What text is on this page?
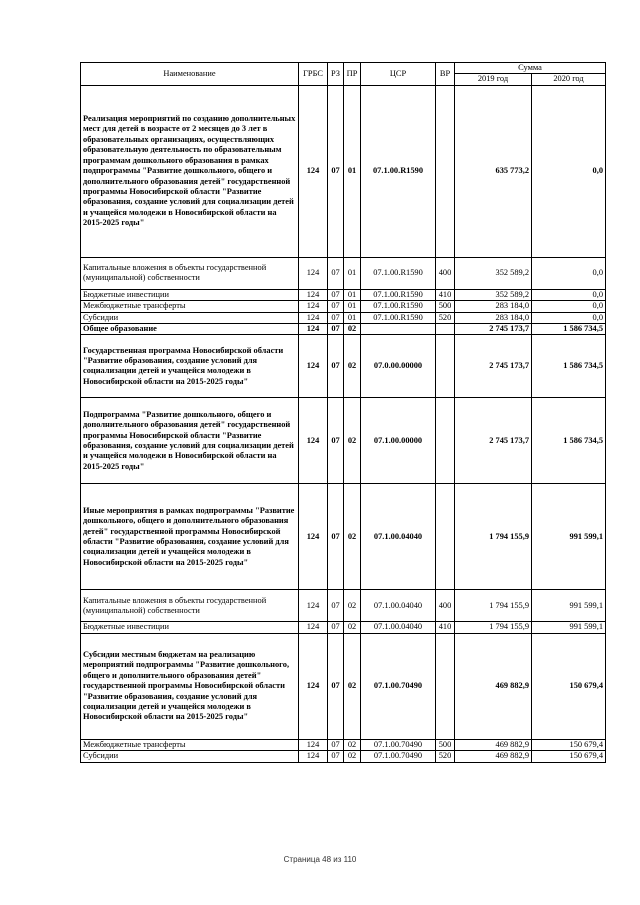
Наименование	ГРБС	РЗ	ПР	ЦСР	ВР	Сумма	
						2019 год	2020 год
Реализация мероприятий по созданию дополнительных мест для детей в возрасте от 2 месяцев до 3 лет в образовательных организациях, осуществляющих образовательную деятельность по образовательным программам дошкольного образования в рамках подпрограммы "Развитие дошкольного, общего и дополнительного образования детей" государственной программы Новосибирской области "Развитие образования, создание условий для социализации детей и учащейся молодежи в Новосибирской области на 2015-2025 годы"	124	07	01	07.1.00.R1590		635 773,2	0,0
Капитальные вложения в объекты государственной (муниципальной) собственности	124	07	01	07.1.00.R1590	400	352 589,2	0,0
Бюджетные инвестиции	124	07	01	07.1.00.R1590	410	352 589,2	0,0
Межбюджетные трансферты	124	07	01	07.1.00.R1590	500	283 184,0	0,0
Субсидии	124	07	01	07.1.00.R1590	520	283 184,0	0,0
Общее образование	124	07	02			2 745 173,7	1 586 734,5
Государственная программа Новосибирской области "Развитие образования, создание условий для социализации детей и учащейся молодежи в Новосибирской области на 2015-2025 годы"	124	07	02	07.0.00.00000		2 745 173,7	1 586 734,5
Подпрограмма "Развитие дошкольного, общего и дополнительного образования детей" государственной программы Новосибирской области "Развитие образования, создание условий для социализации детей и учащейся молодежи в Новосибирской области на 2015-2025 годы"	124	07	02	07.1.00.00000		2 745 173,7	1 586 734,5
Иные мероприятия в рамках подпрограммы "Развитие дошкольного, общего и дополнительного образования детей" государственной программы Новосибирской области "Развитие образования, создание условий для социализации детей и учащейся молодежи в Новосибирской области на 2015-2025 годы"	124	07	02	07.1.00.04040		1 794 155,9	991 599,1
Капитальные вложения в объекты государственной (муниципальной) собственности	124	07	02	07.1.00.04040	400	1 794 155,9	991 599,1
Бюджетные инвестиции	124	07	02	07.1.00.04040	410	1 794 155,9	991 599,1
Субсидии местным бюджетам на реализацию мероприятий подпрограммы "Развитие дошкольного, общего и дополнительного образования детей" государственной программы Новосибирской области "Развитие образования, создание условий для социализации детей и учащейся молодежи в Новосибирской области на 2015-2025 годы"	124	07	02	07.1.00.70490		469 882,9	150 679,4
Межбюджетные трансферты	124	07	02	07.1.00.70490	500	469 882,9	150 679,4
Субсидии	124	07	02	07.1.00.70490	520	469 882,9	150 679,4
Страница 48 из 110
